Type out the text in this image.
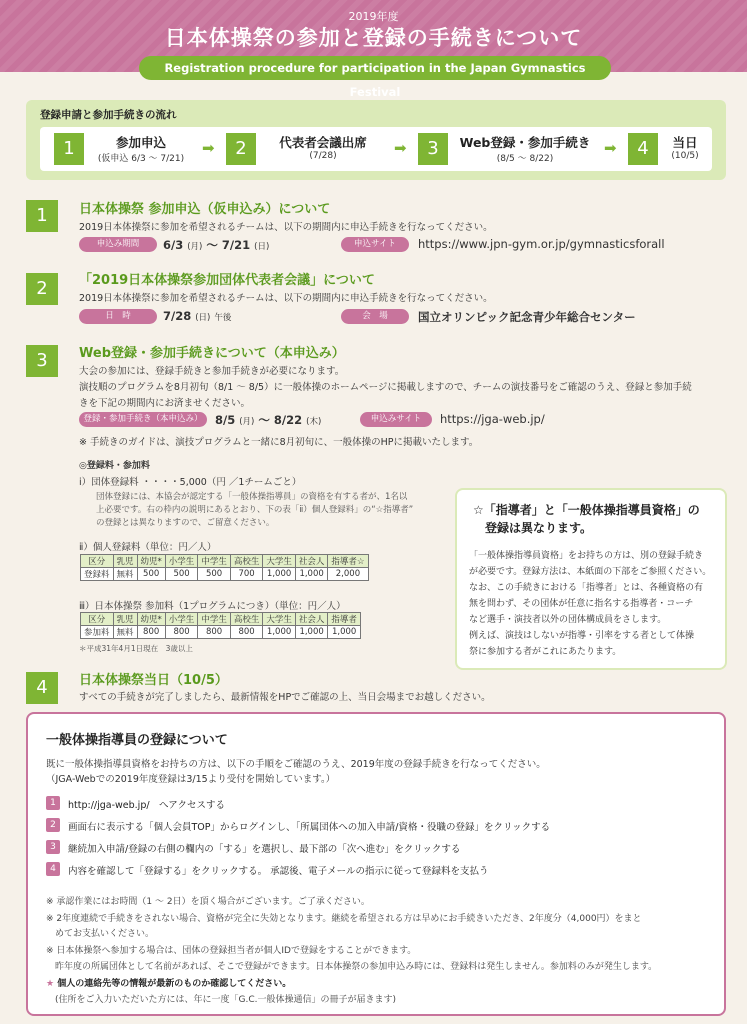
2019年度
日本体操祭の参加と登録の手続きについて
Registration procedure for participation in the Japan Gymnastics Festival
登録申請と参加手続きの流れ
1	参加申込
(仮申込 6/3 〜 7/21)
➡	2	代表者会議出席
(7/28)	➡	3	Web登録・参加手続き
(8/5 〜 8/22)
➡	4	当日
(10/5)
1	日本体操祭 参加申込（仮申込み）について
2019日本体操祭に参加を希望されるチームは、以下の期間内に申込手続きを行なってください。
申込み期間	6/3 (月) 〜 7/21 (日)	申込サイト	https://www.jpn-gym.or.jp/gymnasticsforall
2	「2019日本体操祭参加団体代表者会議」について
2019日本体操祭に参加を希望されるチームは、以下の期間内に申込手続きを行なってください。
日　時	7/28 (日) 午後	会　場	国立オリンピック記念青少年総合センター
3	Web登録・参加手続きについて（本申込み）
大会の参加には、登録手続きと参加手続きが必要になります。
演技順のプログラムを8月初旬（8/1 〜 8/5）に一般体操のホームページに掲載しますので、チームの演技番号をご確認のうえ、登録と参加手続
きを下記の期間内にお済ませください。
登録・参加手続き（本申込み）	8/5 (月) 〜 8/22 (木)	申込みサイト	https://jga-web.jp/
※ 手続きのガイドは、演技プログラムと一緒に8月初旬に、一般体操のHPに掲載いたします。
◎登録料・参加料
i）団体登録料 ・・・・5,000（円 ／1チームごと）
団体登録には、本協会が認定する「一般体操指導員」の資格を有する者が、1名以
上必要です。右の枠内の説明にあるとおり、下の表「ⅱ）個人登録料」の“☆指導者”
の登録とは異なりますので、ご留意ください。
ⅱ）個人登録料（単位：円／人）
区分	乳児	幼児*	小学生	中学生	高校生	大学生	社会人	指導者☆
登録料	無料	500	500	500	700	1,000	1,000	2,000
ⅲ）日本体操祭 参加料（1プログラムにつき）（単位：円／人）
区分	乳児	幼児*	小学生	中学生	高校生	大学生	社会人	指導者
参加料	無料	800	800	800	800	1,000	1,000	1,000
＊平成31年4月1日現在　3歳以上
☆「指導者」と「一般体操指導員資格」の
　登録は異なります。
「一般体操指導員資格」をお持ちの方は、別の登録手続き
が必要です。登録方法は、本紙面の下部をご参照ください。
なお、この手続きにおける「指導者」とは、各種資格の有
無を問わず、その団体が任意に指名する指導者・コーチ
など選手・演技者以外の団体構成員をさします。
例えば、演技はしないが指導・引率をする者として体操
祭に参加する者がこれにあたります。
4	日本体操祭当日（10/5）
すべての手続きが完了しましたら、最新情報をHPでご確認の上、当日会場までお越しください。
一般体操指導員の登録について
既に一般体操指導員資格をお持ちの方は、以下の手順をご確認のうえ、2019年度の登録手続きを行なってください。
（JGA-Webでの2019年度登録は3/15より受付を開始しています。）
1	http://jga-web.jp/　へアクセスする
2	画面右に表示する「個人会員TOP」からログインし、「所属団体への加入申請/資格・役職の登録」をクリックする
3	継続加入申請/登録の右側の欄内の「する」を選択し、最下部の「次へ進む」をクリックする
4	内容を確認して「登録する」をクリックする。 承認後、電子メールの指示に従って登録料を支払う
※ 承認作業にはお時間（1 〜 2日）を頂く場合がございます。ご了承ください。
※ 2年度連続で手続きをされない場合、資格が完全に失効となります。継続を希望される方は早めにお手続きいただき、2年度分（4,000円）をまと
　めてお支払いください。
※ 日本体操祭へ参加する場合は、団体の登録担当者が個人IDで登録をすることができます。
　昨年度の所属団体として名前があれば、そこで登録ができます。日本体操祭の参加申込み時には、登録料は発生しません。参加料のみが発生します。
★ 個人の連絡先等の情報が最新のものか確認してください。
　(住所をご入力いただいた方には、年に一度「G.C.一般体操通信」の冊子が届きます)
